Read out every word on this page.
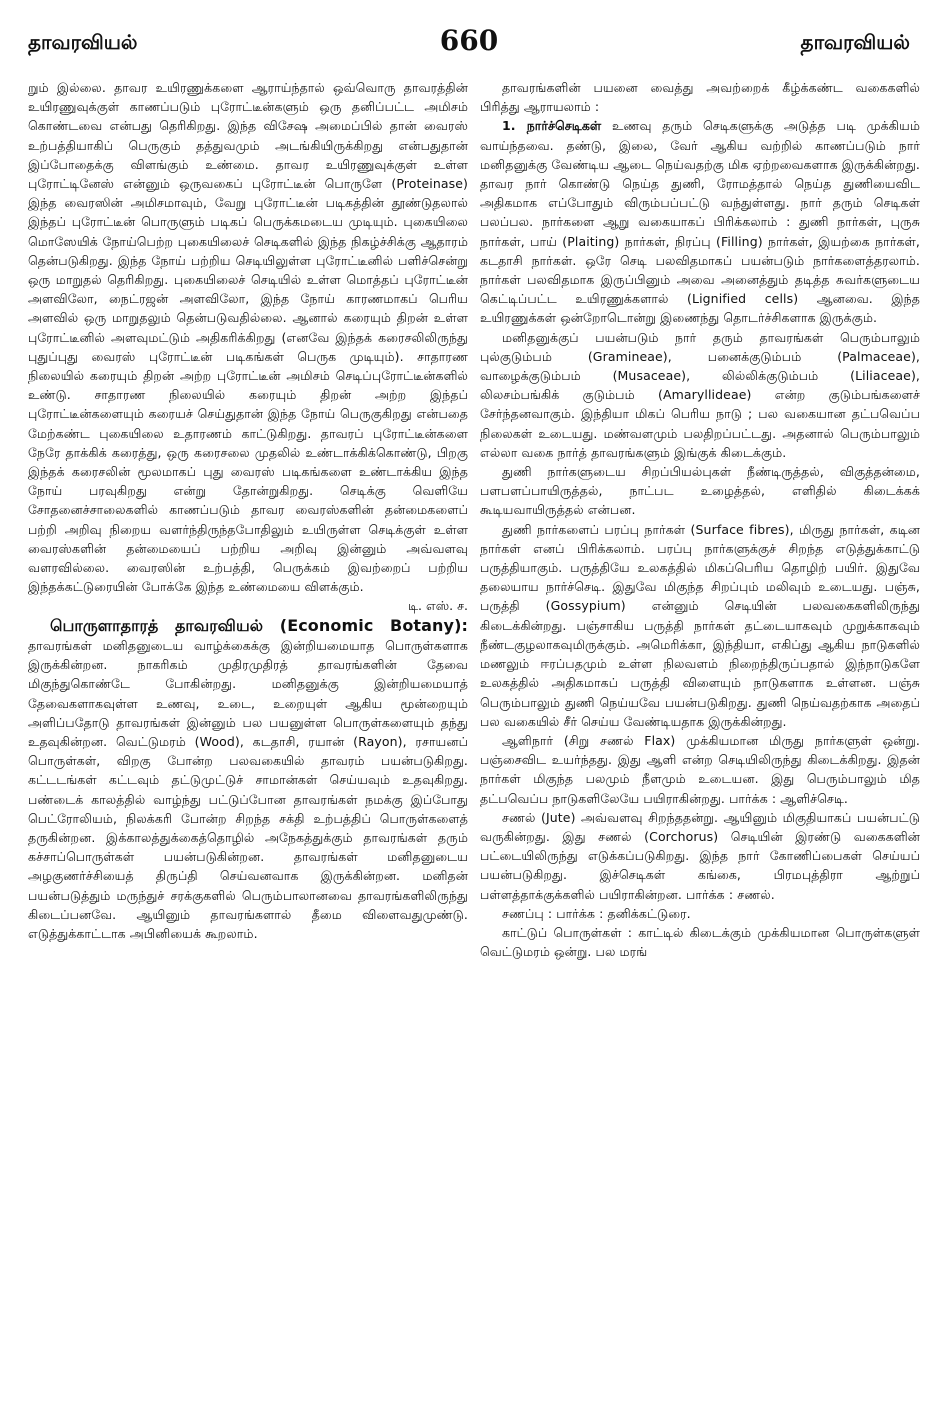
தாவரவியல்	660	தாவரவியல்

றும் இல்லை. தாவர உயிரணுக்களை ஆராய்ந்தால் ஒவ்வொரு தாவரத்தின் உயிரணுவுக்குள் காணப்படும் புரோட்டீன்களும் ஒரு தனிப்பட்ட அமிசம் கொண்டவை என்பது தெரிகிறது. இந்த விசேஷ அமைப்பில் தான் வைரஸ் உற்பத்தியாகிப் பெருகும் தத்துவமும் அடங்கியிருக்கிறது என்பதுதான் இப்போதைக்கு விளங்கும் உண்மை. தாவர உயிரணுவுக்குள் உள்ள புரோட்டினேஸ் என்னும் ஒருவகைப் புரோட்டீன் பொருளே (Proteinase) இந்த வைரஸின் அமிசமாவும், வேறு புரோட்டீன் படிகத்தின் தூண்டுதலால் இந்தப் புரோட்டீன் பொருளும் படிகப் பெருக்கமடைய முடியும். புகையிலை மொஸேயிக் நோய்பெற்ற புகையிலைச் செடிகளில் இந்த நிகழ்ச்சிக்கு ஆதாரம் தென்படுகிறது. இந்த நோய் பற்றிய செடியிலுள்ள புரோட்டீனில் பளிச்சென்று ஒரு மாறுதல் தெரிகிறது. புகையிலைச் செடியில் உள்ள மொத்தப் புரோட்டீன் அளவிலோ, நைட்ரஜன் அளவிலோ, இந்த நோய் காரணமாகப் பெரிய அளவில் ஒரு மாறுதலும் தென்படுவதில்லை. ஆனால் கரையும் திறன் உள்ள புரோட்டீனில் அளவுமட்டும் அதிகரிக்கிறது (எனவே இந்தக் கரைசலிலிருந்து புதுப்புது வைரஸ் புரோட்டீன் படிகங்கள் பெருக முடியும்). சாதாரண நிலையில் கரையும் திறன் அற்ற புரோட்டீன் அமிசம் செடிப்புரோட்டீன்களில் உண்டு. சாதாரண நிலையில் கரையும் திறன் அற்ற இந்தப் புரோட்டீன்களையும் கரையச் செய்துதான் இந்த நோய் பெருகுகிறது என்பதை மேற்கண்ட புகையிலை உதாரணம் காட்டுகிறது. தாவரப் புரோட்டீன்களை நேரே தாக்கிக் கரைத்து, ஒரு கரைசலை முதலில் உண்டாக்கிக்கொண்டு, பிறகு இந்தக் கரைசலின் மூலமாகப் புது வைரஸ் படிகங்களை உண்டாக்கிய இந்த நோய் பரவுகிறது என்று தோன்றுகிறது. செடிக்கு வெளியே சோதனைச்சாலைகளில் காணப்படும் தாவர வைரஸ்களின் தன்மைகளைப் பற்றி அறிவு நிறைய வளர்ந்திருந்தபோதிலும் உயிருள்ள செடிக்குள் உள்ள வைரஸ்களின் தன்மையைப் பற்றிய அறிவு இன்னும் அவ்வளவு வளரவில்லை. வைரஸின் உற்பத்தி, பெருக்கம் இவற்றைப் பற்றிய இந்தக்கட்டுரையின் போக்கே இந்த உண்மையை விளக்கும்.

டி. எஸ். ச.

பொருளாதாரத் தாவரவியல் (Economic Botany): தாவரங்கள் மனிதனுடைய வாழ்க்கைக்கு இன்றியமையாத பொருள்களாக இருக்கின்றன. நாகரிகம் முதிரமுதிரத் தாவரங்களின் தேவை மிகுந்துகொண்டே போகின்றது. மனிதனுக்கு இன்றியமையாத் தேவைகளாகவுள்ள உணவு, உடை, உறையுள் ஆகிய மூன்றையும் அளிப்பதோடு தாவரங்கள் இன்னும் பல பயனுள்ள பொருள்களையும் தந்து உதவுகின்றன. வெட்டுமரம் (Wood), கடதாசி, ரயான் (Rayon), ரசாயனப் பொருள்கள், விறகு போன்ற பலவகையில் தாவரம் பயன்படுகிறது. கட்டடங்கள் கட்டவும் தட்டுமுட்டுச் சாமான்கள் செய்யவும் உதவுகிறது. பண்டைக் காலத்தில் வாழ்ந்து பட்டுப்போன தாவரங்கள் நமக்கு இப்போது பெட்ரோலியம், நிலக்கரி போன்ற சிறந்த சக்தி உற்பத்திப் பொருள்களைத் தருகின்றன. இக்காலத்துக்கைத்தொழில் அநேகத்துக்கும் தாவரங்கள் தரும் கச்சாப்பொருள்கள் பயன்படுகின்றன. தாவரங்கள் மனிதனுடைய அழகுணர்ச்சியைத் திருப்தி செய்வனவாக இருக்கின்றன. மனிதன் பயன்படுத்தும் மருந்துச் சரக்குகளில் பெரும்பாலானவை தாவரங்களிலிருந்து கிடைப்பனவே. ஆயினும் தாவரங்களால் தீமை விளைவதுமுண்டு. எடுத்துக்காட்டாக அபினியைக் கூறலாம்.

தாவரங்களின் பயனை வைத்து அவற்றைக் கீழ்க்கண்ட வகைகளில் பிரித்து ஆராயலாம் :

1. நார்ச்செடிகள் உணவு தரும் செடிகளுக்கு அடுத்த படி முக்கியம் வாய்ந்தவை. தண்டு, இலை, வேர் ஆகிய வற்றில் காணப்படும் நார் மனிதனுக்கு வேண்டிய ஆடை நெய்வதற்கு மிக ஏற்றவைகளாக இருக்கின்றது. தாவர நார் கொண்டு நெய்த துணி, ரோமத்தால் நெய்த துணியைவிட அதிகமாக எப்போதும் விரும்பப்பட்டு வந்துள்ளது. நார் தரும் செடிகள் பலப்பல. நார்களை ஆறு வகையாகப் பிரிக்கலாம் : துணி நார்கள், புருசு நார்கள், பாய் (Plaiting) நார்கள், நிரப்பு (Filling) நார்கள், இயற்கை நார்கள், கடதாசி நார்கள். ஒரே செடி பலவிதமாகப் பயன்படும் நார்களைத்தரலாம். நார்கள் பலவிதமாக இருப்பினும் அவை அனைத்தும் தடித்த சுவர்களுடைய கெட்டிப்பட்ட உயிரணுக்களால் (Lignified cells) ஆனவை. இந்த உயிரணுக்கள் ஒன்றோடொன்று இணைந்து தொடர்ச்சிகளாக இருக்கும்.

மனிதனுக்குப் பயன்படும் நார் தரும் தாவரங்கள் பெரும்பாலும் புல்குடும்பம் (Gramineae), பனைக்குடும்பம் (Palmaceae), வாழைக்குடும்பம் (Musaceae), லில்லிக்குடும்பம் (Liliaceae), லிலசம்பங்கிக் குடும்பம் (Amaryllideae) என்ற குடும்பங்களைச் சேர்ந்தனவாகும். இந்தியா மிகப் பெரிய நாடு ; பல வகையான தட்பவெப்ப நிலைகள் உடையது. மண்வளமும் பலதிறப்பட்டது. அதனால் பெரும்பாலும் எல்லா வகை நார்த் தாவரங்களும் இங்குக் கிடைக்கும்.

துணி நார்களுடைய சிறப்பியல்புகள் நீண்டிருத்தல், விகுத்தன்மை, பளபளப்பாயிருத்தல், நாட்பட உழைத்தல், எளிதில் கிடைக்கக் கூடியவாயிருத்தல் என்பன.

துணி நார்களைப் பரப்பு நார்கள் (Surface fibres), மிருது நார்கள், கடின நார்கள் எனப் பிரிக்கலாம். பரப்பு நார்களுக்குச் சிறந்த எடுத்துக்காட்டு பருத்தியாகும். பருத்தியே உலகத்தில் மிகப்பெரிய தொழிற் பயிர். இதுவே தலையாய நார்ச்செடி. இதுவே மிகுந்த சிறப்பும் மலிவும் உடையது. பஞ்சு, பருத்தி (Gossypium) என்னும் செடியின் பலவகைகளிலிருந்து கிடைக்கின்றது. பஞ்சாகிய பருத்தி நார்கள் தட்டையாகவும் முறுக்காகவும் நீண்டகுழலாகவுமிருக்கும். அமெரிக்கா, இந்தியா, எகிப்து ஆகிய நாடுகளில் மணலும் ஈரப்பதமும் உள்ள நிலவளம் நிறைந்திருப்பதால் இந்நாடுகளே உலகத்தில் அதிகமாகப் பருத்தி விளையும் நாடுகளாக உள்ளன. பஞ்சு பெரும்பாலும் துணி நெய்யவே பயன்படுகிறது. துணி நெய்வதற்காக அதைப் பல வகையில் சீர் செய்ய வேண்டியதாக இருக்கின்றது.

ஆளிநார் (சிறு சணல் Flax) முக்கியமான மிருது நார்களுள் ஒன்று. பஞ்சைவிட உயர்ந்தது. இது ஆளி என்ற செடியிலிருந்து கிடைக்கிறது. இதன் நார்கள் மிகுந்த பலமும் நீளமும் உடையன. இது பெரும்பாலும் மித தட்பவெப்ப நாடுகளிலேயே பயிராகின்றது. பார்க்க : ஆளிச்செடி.

சணல் (Jute) அவ்வளவு சிறந்ததன்று. ஆயினும் மிகுதியாகப் பயன்பட்டு வருகின்றது. இது சணல் (Corchorus) செடியின் இரண்டு வகைகளின் பட்டையிலிருந்து எடுக்கப்படுகிறது. இந்த நார் கோணிப்பைகள் செய்யப் பயன்படுகிறது. இச்செடிகள் கங்கை, பிரமபுத்திரா ஆற்றுப் பள்ளத்தாக்குக்களில் பயிராகின்றன. பார்க்க : சணல்.

சணப்பு : பார்க்க : தனிக்கட்டுரை.

காட்டுப் பொருள்கள் : காட்டில் கிடைக்கும் முக்கியமான பொருள்களுள் வெட்டுமரம் ஒன்று. பல மரங்
